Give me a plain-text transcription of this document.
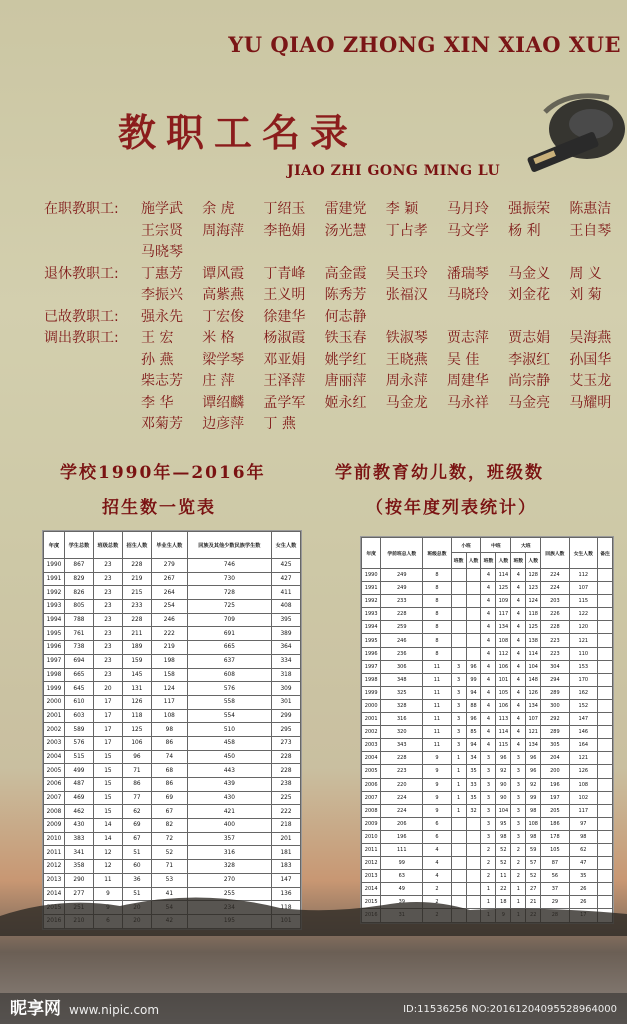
YU QIAO ZHONG XIN XIAO XUE
教职工名录
JIAO ZHI GONG MING LU
在职教职工: 施学武	余 虎	丁绍玉	雷建党	李 颖	马月玲	强振荣	陈惠洁
王宗贤	周海萍	李艳娟	汤光慧	丁占孝	马文学	杨 利	王自琴
马晓琴
退休教职工: 丁惠芳	谭风霞	丁青峰	高金霞	吴玉玲	潘瑞琴	马金义	周 义
李振兴	高紫燕	王义明	陈秀芳	张福汉	马晓玲	刘金花	刘 菊
已故教职工: 强永先	丁宏俊	徐建华	何志静
调出教职工: 王 宏	米 格	杨淑霞	铁玉春	铁淑琴	贾志萍	贾志娟	吴海燕
孙 燕	梁学琴	邓亚娟	姚学红	王晓燕	吴 佳	李淑红	孙国华
柴志芳	庄 萍	王泽萍	唐丽萍	周永萍	周建华	尚宗静	艾玉龙
李 华	谭绍麟	孟学军	姬永红	马金龙	马永祥	马金亮	马耀明
邓菊芳	边彦萍	丁 燕
学校1990年—2016年
招生数一览表
学前教育幼儿数，班级数
（按年度列表统计）
年度	学生总数	班级总数	招生人数	毕业生人数	回族及其他少数民族学生数	女生人数
1990	867	23	228	279	746	425
1991	829	23	219	267	730	427
1992	826	23	215	264	728	411
1993	805	23	233	254	725	408
1994	788	23	228	246	709	395
1995	761	23	211	222	691	389
1996	738	23	189	219	665	364
1997	694	23	159	198	637	334
1998	665	23	145	158	608	318
1999	645	20	131	124	576	309
2000	610	17	126	117	558	301
2001	603	17	118	108	554	299
2002	589	17	125	98	510	295
2003	576	17	106	86	458	273
2004	515	15	96	74	450	228
2005	499	15	71	68	443	228
2006	487	15	86	86	439	238
2007	469	15	77	69	430	225
2008	462	15	62	67	421	222
2009	430	14	69	82	400	218
2010	383	14	67	72	357	201
2011	341	12	51	52	316	181
2012	358	12	60	71	328	183
2013	290	11	36	53	270	147
2014	277	9	51	41	255	136
						118

年度	学前班总人数	班级总数	小班		中班		大班		回族人数	女生人数	备注
			班数	人数	班数	人数	班数	人数			
1990	249	8			4	114	4	128	224	112	
1991	249	8			4	125	4	123	224	107	
1992	233	8			4	109	4	124	203	115	
1993	228	8			4	117	4	118	226	122	
1994	259	8			4	134	4	125	228	120	
1995	246	8			4	108	4	138	223	121	
1996	236	8			4	112	4	114	223	110	
1997	306	11	3	96	4	106	4	104	304	153	
1998	348	11	3	99	4	101	4	148	294	170	
1999	325	11	3	94	4	105	4	126	289	162	
2000	328	11	3	88	4	106	4	134	300	152	
2001	316	11	3	96	4	113	4	107	292	147	
2002	320	11	3	85	4	114	4	121	289	146	
2003	343	11	3	94	4	115	4	134	305	164	
2004	228	9	1	34	3	96	3	96	204	121	
2005	223	9	1	35	3	92	3	96	200	126	
2006	220	9	1	33	3	90	3	92	196	108	
2007	224	9	1	35	3	90	3	99	197	102	
2008	224	9	1	32	3	104	3	98	205	117	
2009	206	6			3	95	3	108	186	97	
2010	196	6			3	98	3	98	178	98	
2011	111	4			2	52	2	59	105	62	
2012	99	4			2	52	2	57	87	47	
2013	63	4			2	11	2	52	56	35	
2014	49	2			1	22	1	27	37	26	
2015	39	2			1	18	1	21	29	26	

昵享网 www.nipic.com	ID:11536256 NO:20161204095528964000
